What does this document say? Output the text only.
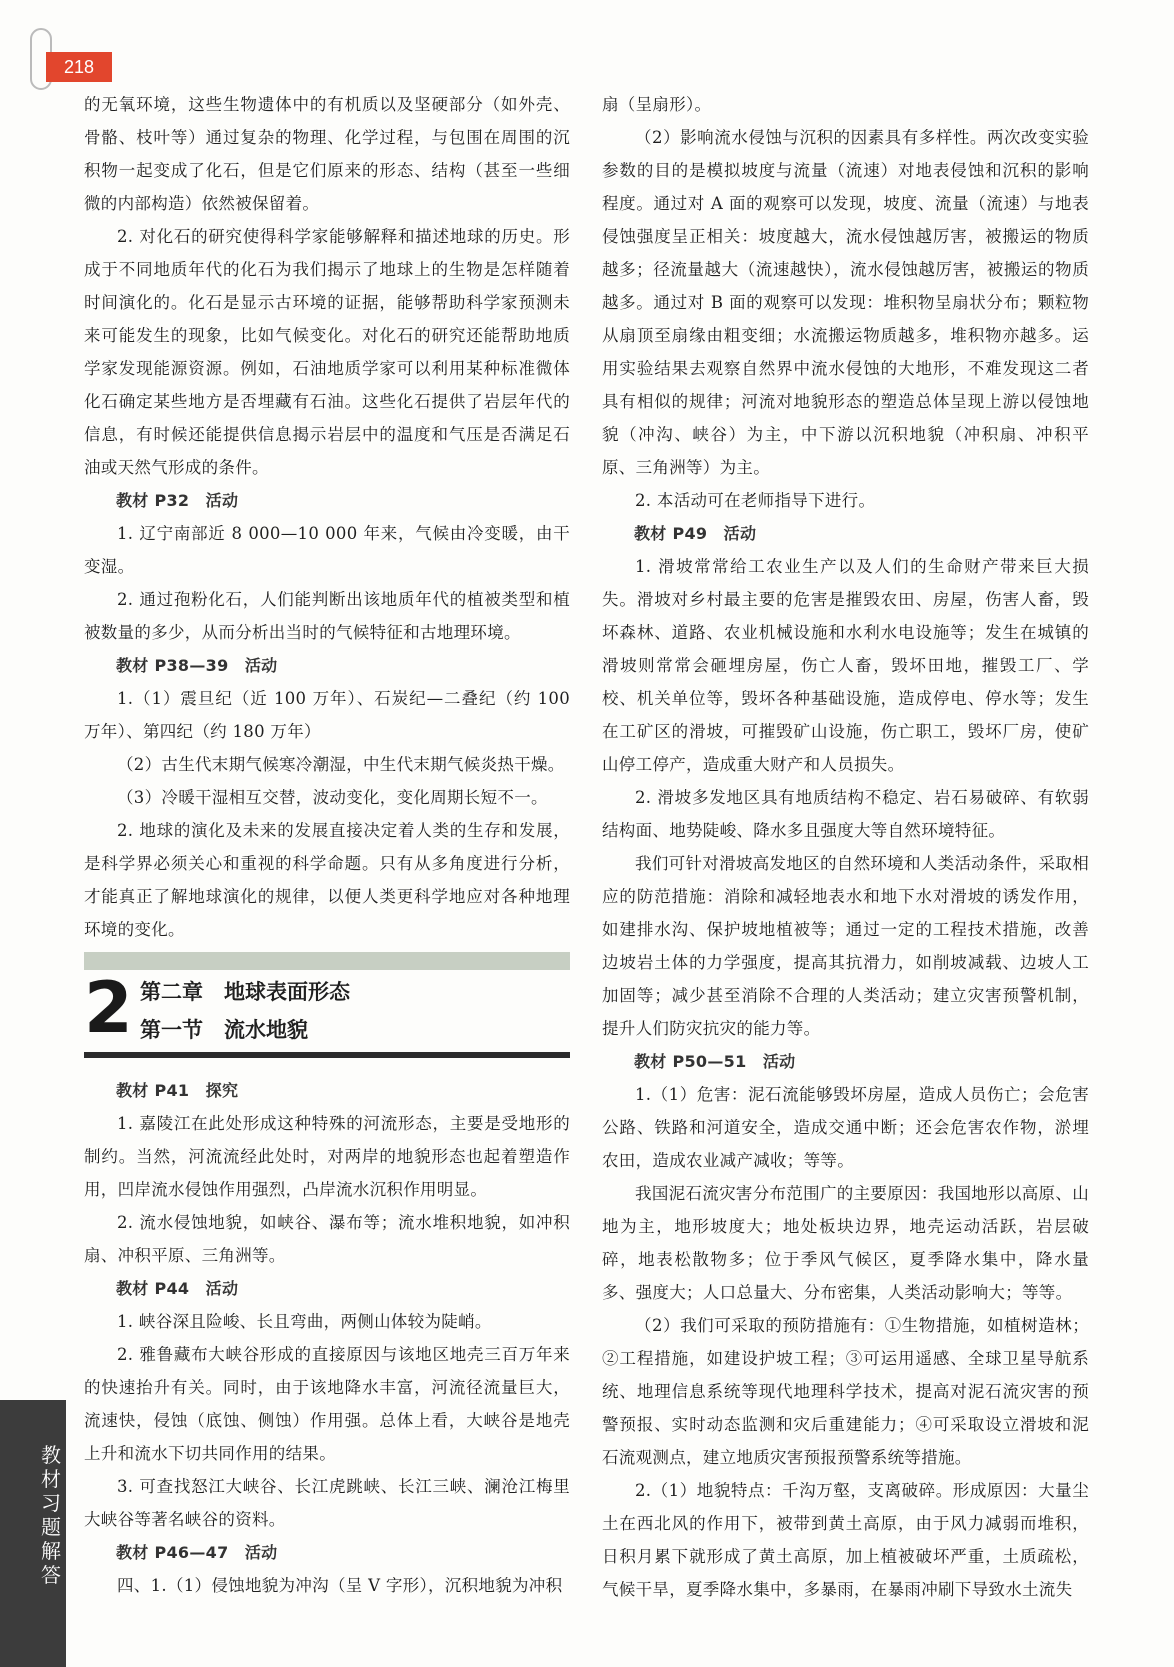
218

的无氧环境，这些生物遗体中的有机质以及坚硬部分（如外壳、骨骼、枝叶等）通过复杂的物理、化学过程，与包围在周围的沉积物一起变成了化石，但是它们原来的形态、结构（甚至一些细微的内部构造）依然被保留着。

2. 对化石的研究使得科学家能够解释和描述地球的历史。形成于不同地质年代的化石为我们揭示了地球上的生物是怎样随着时间演化的。化石是显示古环境的证据，能够帮助科学家预测未来可能发生的现象，比如气候变化。对化石的研究还能帮助地质学家发现能源资源。例如，石油地质学家可以利用某种标准微体化石确定某些地方是否埋藏有石油。这些化石提供了岩层年代的信息，有时候还能提供信息揭示岩层中的温度和气压是否满足石油或天然气形成的条件。

教材 P32　活动

1. 辽宁南部近 8 000—10 000 年来，气候由冷变暖，由干变湿。

2. 通过孢粉化石，人们能判断出该地质年代的植被类型和植被数量的多少，从而分析出当时的气候特征和古地理环境。

教材 P38—39　活动

1.（1）震旦纪（近 100 万年）、石炭纪—二叠纪（约 100 万年）、第四纪（约 180 万年）

（2）古生代末期气候寒冷潮湿，中生代末期气候炎热干燥。

（3）冷暖干湿相互交替，波动变化，变化周期长短不一。

2. 地球的演化及未来的发展直接决定着人类的生存和发展，是科学界必须关心和重视的科学命题。只有从多角度进行分析，才能真正了解地球演化的规律，以便人类更科学地应对各种地理环境的变化。

2 第二章　地球表面形态
第一节　流水地貌

教材 P41　探究

1. 嘉陵江在此处形成这种特殊的河流形态，主要是受地形的制约。当然，河流流经此处时，对两岸的地貌形态也起着塑造作用，凹岸流水侵蚀作用强烈，凸岸流水沉积作用明显。

2. 流水侵蚀地貌，如峡谷、瀑布等；流水堆积地貌，如冲积扇、冲积平原、三角洲等。

教材 P44　活动

1. 峡谷深且险峻、长且弯曲，两侧山体较为陡峭。

2. 雅鲁藏布大峡谷形成的直接原因与该地区地壳三百万年来的快速抬升有关。同时，由于该地降水丰富，河流径流量巨大，流速快，侵蚀（底蚀、侧蚀）作用强。总体上看，大峡谷是地壳上升和流水下切共同作用的结果。

3. 可查找怒江大峡谷、长江虎跳峡、长江三峡、澜沧江梅里大峡谷等著名峡谷的资料。

教材 P46—47　活动

四、1.（1）侵蚀地貌为冲沟（呈 V 字形），沉积地貌为冲积

扇（呈扇形）。

（2）影响流水侵蚀与沉积的因素具有多样性。两次改变实验参数的目的是模拟坡度与流量（流速）对地表侵蚀和沉积的影响程度。通过对 A 面的观察可以发现，坡度、流量（流速）与地表侵蚀强度呈正相关：坡度越大，流水侵蚀越厉害，被搬运的物质越多；径流量越大（流速越快），流水侵蚀越厉害，被搬运的物质越多。通过对 B 面的观察可以发现：堆积物呈扇状分布；颗粒物从扇顶至扇缘由粗变细；水流搬运物质越多，堆积物亦越多。运用实验结果去观察自然界中流水侵蚀的大地形，不难发现这二者具有相似的规律；河流对地貌形态的塑造总体呈现上游以侵蚀地貌（冲沟、峡谷）为主，中下游以沉积地貌（冲积扇、冲积平原、三角洲等）为主。

2. 本活动可在老师指导下进行。

教材 P49　活动

1. 滑坡常常给工农业生产以及人们的生命财产带来巨大损失。滑坡对乡村最主要的危害是摧毁农田、房屋，伤害人畜，毁坏森林、道路、农业机械设施和水利水电设施等；发生在城镇的滑坡则常常会砸埋房屋，伤亡人畜，毁坏田地，摧毁工厂、学校、机关单位等，毁坏各种基础设施，造成停电、停水等；发生在工矿区的滑坡，可摧毁矿山设施，伤亡职工，毁坏厂房，使矿山停工停产，造成重大财产和人员损失。

2. 滑坡多发地区具有地质结构不稳定、岩石易破碎、有软弱结构面、地势陡峻、降水多且强度大等自然环境特征。

我们可针对滑坡高发地区的自然环境和人类活动条件，采取相应的防范措施：消除和减轻地表水和地下水对滑坡的诱发作用，如建排水沟、保护坡地植被等；通过一定的工程技术措施，改善边坡岩土体的力学强度，提高其抗滑力，如削坡减载、边坡人工加固等；减少甚至消除不合理的人类活动；建立灾害预警机制，提升人们防灾抗灾的能力等。

教材 P50—51　活动

1.（1）危害：泥石流能够毁坏房屋，造成人员伤亡；会危害公路、铁路和河道安全，造成交通中断；还会危害农作物，淤埋农田，造成农业减产减收；等等。

我国泥石流灾害分布范围广的主要原因：我国地形以高原、山地为主，地形坡度大；地处板块边界，地壳运动活跃，岩层破碎，地表松散物多；位于季风气候区，夏季降水集中，降水量多、强度大；人口总量大、分布密集，人类活动影响大；等等。

（2）我们可采取的预防措施有：①生物措施，如植树造林；②工程措施，如建设护坡工程；③可运用遥感、全球卫星导航系统、地理信息系统等现代地理科学技术，提高对泥石流灾害的预警预报、实时动态监测和灾后重建能力；④可采取设立滑坡和泥石流观测点，建立地质灾害预报预警系统等措施。

2.（1）地貌特点：千沟万壑，支离破碎。形成原因：大量尘土在西北风的作用下，被带到黄土高原，由于风力减弱而堆积，日积月累下就形成了黄土高原，加上植被破坏严重，土质疏松，气候干旱，夏季降水集中，多暴雨，在暴雨冲刷下导致水土流失

教材习题解答
